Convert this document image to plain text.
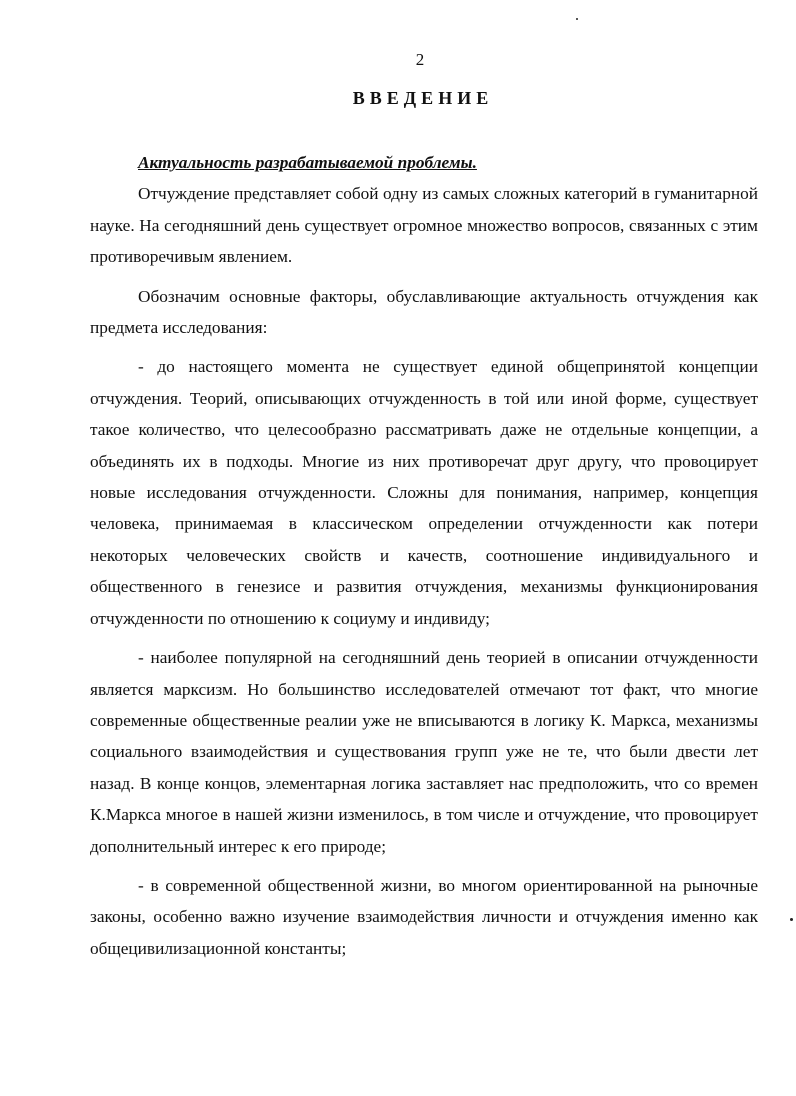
2
ВВЕДЕНИЕ

Актуальность разрабатываемой проблемы.

Отчуждение представляет собой одну из самых сложных категорий в гуманитарной науке. На сегодняшний день существует огромное множество вопросов, связанных с этим противоречивым явлением.

Обозначим основные факторы, обуславливающие актуальность отчуждения как предмета исследования:

- до настоящего момента не существует единой общепринятой концепции отчуждения. Теорий, описывающих отчужденность в той или иной форме, существует такое количество, что целесообразно рассматривать даже не отдельные концепции, а объединять их в подходы. Многие из них противоречат друг другу, что провоцирует новые исследования отчужденности. Сложны для понимания, например, концепция человека, принимаемая в классическом определении отчужденности как потери некоторых человеческих свойств и качеств, соотношение индивидуального и общественного в генезисе и развития отчуждения, механизмы функционирования отчужденности по отношению к социуму и индивиду;

- наиболее популярной на сегодняшний день теорией в описании отчужденности является марксизм. Но большинство исследователей отмечают тот факт, что многие современные общественные реалии уже не вписываются в логику К. Маркса, механизмы социального взаимодействия и существования групп уже не те, что были двести лет назад. В конце концов, элементарная логика заставляет нас предположить, что со времен К.Маркса многое в нашей жизни изменилось, в том числе и отчуждение, что провоцирует дополнительный интерес к его природе;

- в современной общественной жизни, во многом ориентированной на рыночные законы, особенно важно изучение взаимодействия личности и отчуждения именно как общецивилизационной константы;
